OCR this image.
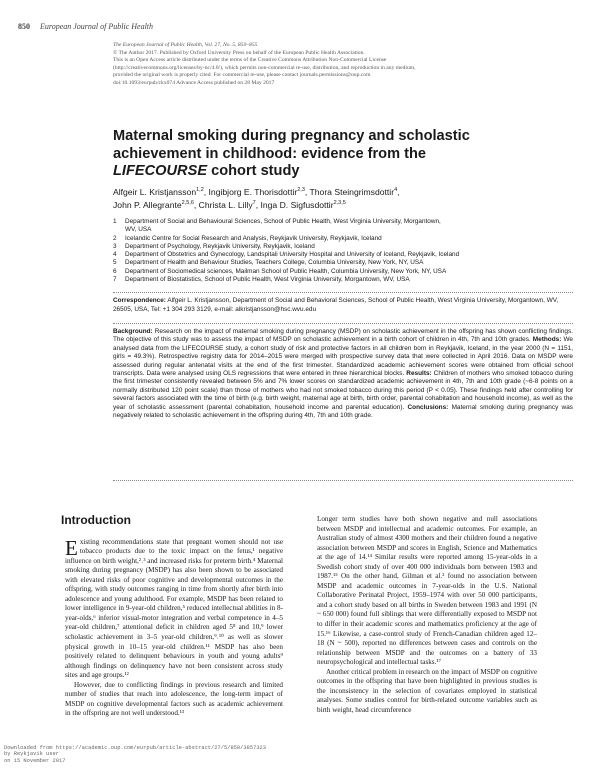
850 European Journal of Public Health
The European Journal of Public Health, Vol. 27, No. 5, 850–855
© The Author 2017. Published by Oxford University Press on behalf of the European Public Health Association.
This is an Open Access article distributed under the terms of the Creative Commons Attribution Non-Commercial License
(http://creativecommons.org/licenses/by-nc/4.0/), which permits non-commercial re-use, distribution, and reproduction in any medium,
provided the original work is properly cited. For commercial re-use, please contact journals.permissions@oup.com
doi:10.1093/eurpub/ckx074 Advance Access published on 28 May 2017
Maternal smoking during pregnancy and scholastic
achievement in childhood: evidence from the
LIFECOURSE cohort study
Alfgeir L. Kristjansson$^{1,2}$, Ingibjorg E. Thorisdottir$^{2,3}$, Thora Steingrimsdottir$^4$,
John P. Allegrante$^{2,5,6}$, Christa L. Lilly$^7$, Inga D. Sigfusdottir$^{2,3,5}$
1	Department of Social and Behavioural Sciences, School of Public Health, West Virginia University, Morgantown,
WV, USA
2	Icelandic Centre for Social Research and Analysis, Reykjavik University, Reykjavik, Iceland
3	Department of Psychology, Reykjavik University, Reykjavik, Iceland
4	Department of Obstetrics and Gynecology, Landspitali University Hospital and University of Iceland, Reykjavik, Iceland
5	Department of Health and Behaviour Studies, Teachers College, Columbia University, New York, NY, USA
6	Department of Sociomedical sciences, Mailman School of Public Health, Columbia University, New York, NY, USA
7	Department of Biostatistics, School of Public Health, West Virginia University, Morgantown, WV, USA
Correspondence: Alfgeir L. Kristjansson, Department of Social and Behavioral Sciences, School of Public Health, West Virginia University, Morgantown, WV, 26505, USA, Tel: +1 304 293 3129, e-mail: alkristjansson@hsc.wvu.edu
Background: Research on the impact of maternal smoking during pregnancy (MSDP) on scholastic achievement in the offspring has shown conflicting findings. The objective of this study was to assess the impact of MSDP on scholastic achievement in a birth cohort of children in 4th, 7th and 10th grades. Methods: We analysed data from the LIFECOURSE study, a cohort study of risk and protective factors in all children born in Reykjavik, Iceland, in the year 2000 (N = 1151, girls = 49.3%). Retrospective registry data for 2014–2015 were merged with prospective survey data that were collected in April 2016. Data on MSDP were assessed during regular antenatal visits at the end of the first trimester. Standardized academic achievement scores were obtained from official school transcripts. Data were analysed using OLS regressions that were entered in three hierarchical blocks. Results: Children of mothers who smoked tobacco during the first trimester consistently revealed between 5% and 7% lower scores on standardized academic achievement in 4th, 7th and 10th grade (~6-8 points on a normally distributed 120 point scale) than those of mothers who had not smoked tobacco during this period (P < 0.05). These findings held after controlling for several factors associated with the time of birth (e.g. birth weight, maternal age at birth, birth order, parental cohabitation and household income), as well as the year of scholastic assessment (parental cohabitation, household income and parental education). Conclusions: Maternal smoking during pregnancy was negatively related to scholastic achievement in the offspring during 4th, 7th and 10th grade.
Introduction

Existing recommendations state that pregnant women should not use tobacco products due to the toxic impact on the fetus,¹ negative influence on birth weight,²˒³ and increased risks for preterm birth.⁴ Maternal smoking during pregnancy (MSDP) has also been shown to be associated with elevated risks of poor cognitive and developmental outcomes in the offspring, with study outcomes ranging in time from shortly after birth into adolescence and young adulthood. For example, MSDP has been related to lower intelligence in 9-year-old children,⁵ reduced intellectual abilities in 8-year-olds,⁶ inferior visual-motor integration and verbal competence in 4–5 year-old children,⁷ attentional deficit in children aged 5⁸ and 10,⁹ lower scholastic achievement in 3–5 year-old children,⁹˒¹⁰ as well as slower physical growth in 10–15 year-old children.¹¹ MSDP has also been positively related to delinquent behaviours in youth and young adults⁹ although findings on delinquency have not been consistent across study sites and age groups.¹²

However, due to conflicting findings in previous research and limited number of studies that reach into adolescence, the long-term impact of MSDP on cognitive developmental factors such as academic achievement in the offspring are not well understood.¹³

Longer term studies have both shown negative and null associations between MSDP and intellectual and academic outcomes. For example, an Australian study of almost 4300 mothers and their children found a negative association between MSDP and scores in English, Science and Mathematics at the age of 14.¹⁴ Similar results were reported among 15-year-olds in a Swedish cohort study of over 400 000 individuals born between 1983 and 1987.¹⁵ On the other hand, Gilman et al.² found no association between MSDP and academic outcomes in 7-year-olds in the U.S. National Collaborative Perinatal Project, 1959–1974 with over 50 000 participants, and a cohort study based on all births in Sweden between 1983 and 1991 (N ~ 650 000) found full siblings that were differentially exposed to MSDP not to differ in their academic scores and mathematics proficiency at the age of 15.¹⁶ Likewise, a case-control study of French-Canadian children aged 12–18 (N ~ 500), reported no differences between cases and controls on the relationship between MSDP and the outcomes on a battery of 33 neuropsychological and intellectual tasks.¹⁷

Another critical problem in research on the impact of MSDP on cognitive outcomes in the offspring that have been highlighted in previous studies is the inconsistency in the selection of covariates employed in statistical analyses. Some studies control for birth-related outcome variables such as birth weight, head circumference

Downloaded from https://academic.oup.com/eurpub/article-abstract/27/5/850/3857323
by Reykjavik user
on 15 November 2017
